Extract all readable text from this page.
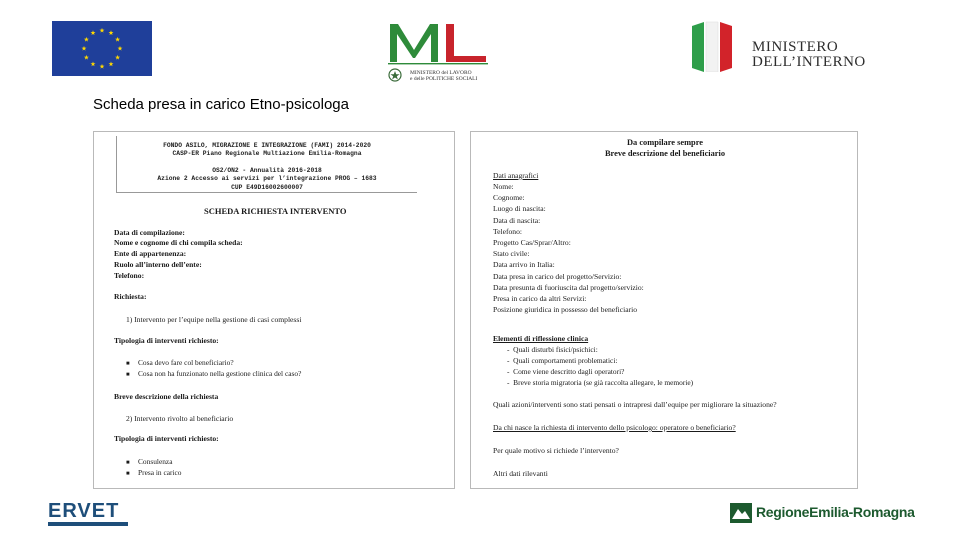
MINISTERO del LAVORO
e delle POLITICHE SOCIALI
MINISTERO
DELL’INTERNO
Scheda presa in carico Etno-psicologa
FONDO ASILO, MIGRAZIONE E INTEGRAZIONE (FAMI) 2014-2020
CASP-ER Piano Regionale Multiazione Emilia-Romagna
OS2/ON2 - Annualità 2016-2018
Azione 2 Accesso ai servizi per l’integrazione PROG – 1683
CUP E49D16002600007
SCHEDA RICHIESTA INTERVENTO
Data di compilazione:
Nome e cognome di chi compila scheda:
Ente di appartenenza:
Ruolo all’interno dell’ente:
Telefono:
Richiesta:
1) Intervento per l’equipe nella gestione di casi complessi
Tipologia di interventi richiesto:
■ Cosa devo fare col beneficiario?
■ Cosa non ha funzionato nella gestione clinica del caso?
Breve descrizione della richiesta
2) Intervento rivolto al beneficiario
Tipologia di interventi richiesto:
■ Consulenza
■ Presa in carico
Da compilare sempre
Breve descrizione del beneficiario
Dati anagrafici
Nome:
Cognome:
Luogo di nascita:
Data di nascita:
Telefono:
Progetto Cas/Sprar/Altro:
Stato civile:
Data arrivo in Italia:
Data presa in carico del progetto/Servizio:
Data presunta di fuoriuscita dal progetto/servizio:
Presa in carico da altri Servizi:
Posizione giuridica in possesso del beneficiario
Elementi di riflessione clinica
-  Quali disturbi fisici/psichici:
-  Quali comportamenti problematici:
-  Come viene descritto dagli operatori?
-  Breve storia migratoria (se già raccolta allegare, le memorie)
Quali azioni/interventi sono stati pensati o intrapresi dall’equipe per migliorare la situazione?
Da chi nasce la richiesta di intervento dello psicologo: operatore o beneficiario?
Per quale motivo si richiede l’intervento?
Altri dati rilevanti
ERVET	RegioneEmilia-Romagna
